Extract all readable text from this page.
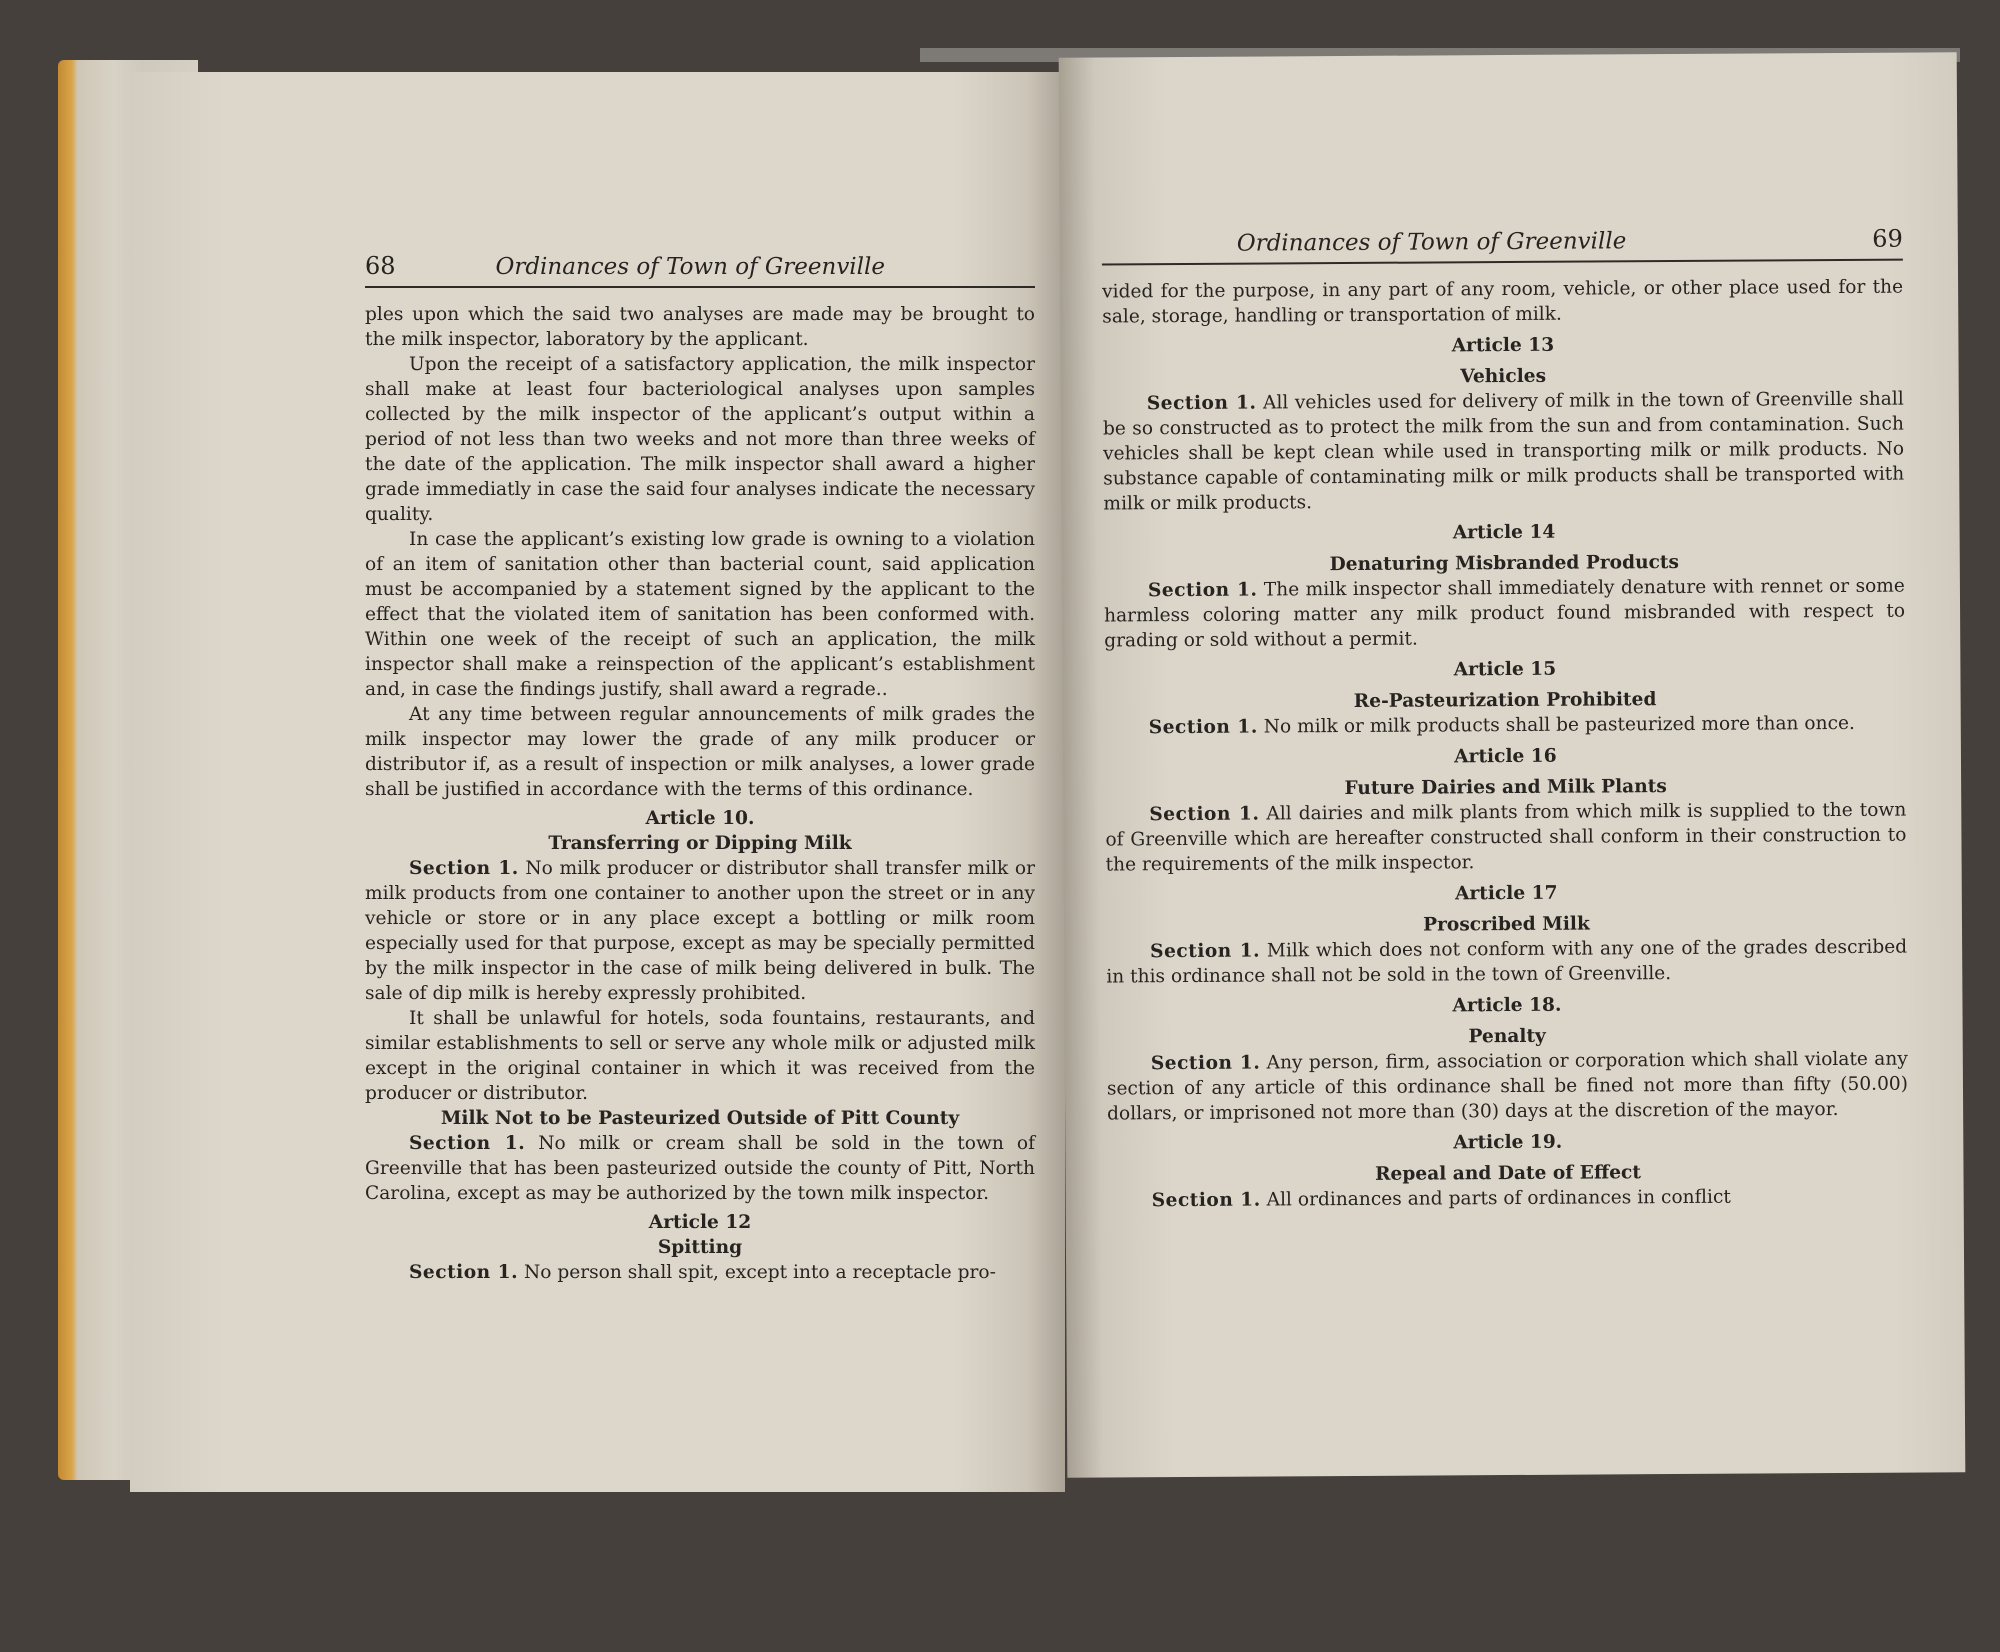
68	Ordinances of Town of Greenville

ples upon which the said two analyses are made may be brought to the milk inspector, laboratory by the applicant.

Upon the receipt of a satisfactory application, the milk inspector shall make at least four bacteriological analyses upon samples collected by the milk inspector of the applicant’s output within a period of not less than two weeks and not more than three weeks of the date of the application. The milk inspector shall award a higher grade immediatly in case the said four analyses indicate the necessary quality.

In case the applicant’s existing low grade is owning to a violation of an item of sanitation other than bacterial count, said application must be accompanied by a statement signed by the applicant to the effect that the violated item of sanitation has been conformed with. Within one week of the receipt of such an application, the milk inspector shall make a reinspection of the applicant’s establishment and, in case the findings justify, shall award a regrade..

At any time between regular announcements of milk grades the milk inspector may lower the grade of any milk producer or distributor if, as a result of inspection or milk analyses, a lower grade shall be justified in accordance with the terms of this ordinance.

Article 10.

Transferring or Dipping Milk

Section 1. No milk producer or distributor shall transfer milk or milk products from one container to another upon the street or in any vehicle or store or in any place except a bottling or milk room especially used for that purpose, except as may be specially permitted by the milk inspector in the case of milk being delivered in bulk. The sale of dip milk is hereby expressly prohibited.

It shall be unlawful for hotels, soda fountains, restaurants, and similar establishments to sell or serve any whole milk or adjusted milk except in the original container in which it was received from the producer or distributor.

Milk Not to be Pasteurized Outside of Pitt County

Section 1. No milk or cream shall be sold in the town of Greenville that has been pasteurized outside the county of Pitt, North Carolina, except as may be authorized by the town milk inspector.

Article 12

Spitting

Section 1. No person shall spit, except into a receptacle pro-

Ordinances of Town of Greenville	69

vided for the purpose, in any part of any room, vehicle, or other place used for the sale, storage, handling or transportation of milk.

Article 13

Vehicles

Section 1. All vehicles used for delivery of milk in the town of Greenville shall be so constructed as to protect the milk from the sun and from contamination. Such vehicles shall be kept clean while used in transporting milk or milk products. No substance capable of contaminating milk or milk products shall be transported with milk or milk products.

Article 14

Denaturing Misbranded Products

Section 1. The milk inspector shall immediately denature with rennet or some harmless coloring matter any milk product found misbranded with respect to grading or sold without a permit.

Article 15

Re-Pasteurization Prohibited

Section 1. No milk or milk products shall be pasteurized more than once.

Article 16

Future Dairies and Milk Plants

Section 1. All dairies and milk plants from which milk is supplied to the town of Greenville which are hereafter constructed shall conform in their construction to the requirements of the milk inspector.

Article 17

Proscribed Milk

Section 1. Milk which does not conform with any one of the grades described in this ordinance shall not be sold in the town of Greenville.

Article 18.

Penalty

Section 1. Any person, firm, association or corporation which shall violate any section of any article of this ordinance shall be fined not more than fifty (50.00) dollars, or imprisoned not more than (30) days at the discretion of the mayor.

Article 19.

Repeal and Date of Effect

Section 1. All ordinances and parts of ordinances in conflict
